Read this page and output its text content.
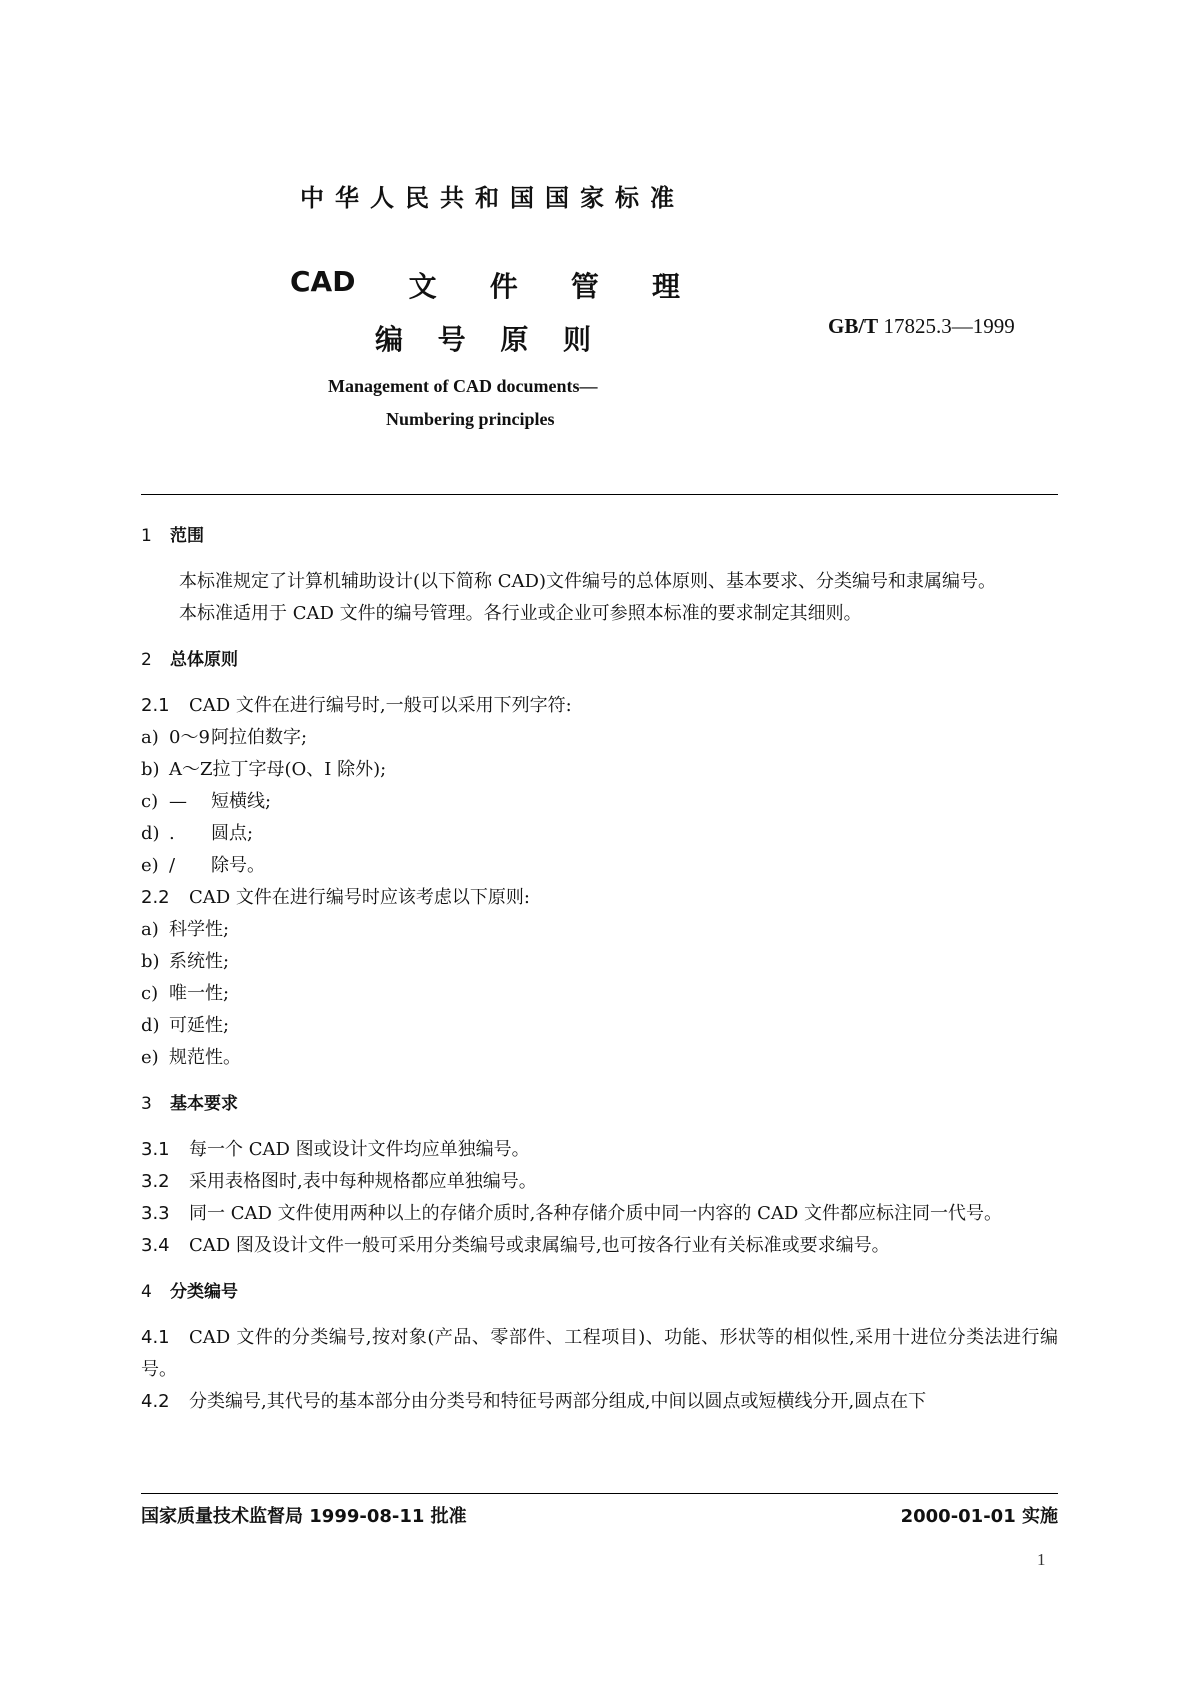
中华人民共和国国家标准
CAD 文 件 管 理
编 号 原 则	GB/T 17825.3—1999
Management of CAD documents—
Numbering principles
1 范围

本标准规定了计算机辅助设计(以下简称 CAD)文件编号的总体原则、基本要求、分类编号和隶属编号。

本标准适用于 CAD 文件的编号管理。各行业或企业可参照本标准的要求制定其细则。

2 总体原则

2.1 CAD 文件在进行编号时,一般可以采用下列字符:

a) 0～9阿拉伯数字;

b) A～Z拉丁字母(O、I 除外);

c) — 短横线;

d) . 圆点;

e) / 除号。

2.2 CAD 文件在进行编号时应该考虑以下原则:

a) 科学性;

b) 系统性;

c) 唯一性;

d) 可延性;

e) 规范性。

3 基本要求

3.1 每一个 CAD 图或设计文件均应单独编号。

3.2 采用表格图时,表中每种规格都应单独编号。

3.3 同一 CAD 文件使用两种以上的存储介质时,各种存储介质中同一内容的 CAD 文件都应标注同一代号。

3.4 CAD 图及设计文件一般可采用分类编号或隶属编号,也可按各行业有关标准或要求编号。

4 分类编号

4.1 CAD 文件的分类编号,按对象(产品、零部件、工程项目)、功能、形状等的相似性,采用十进位分类法进行编号。

4.2 分类编号,其代号的基本部分由分类号和特征号两部分组成,中间以圆点或短横线分开,圆点在下

国家质量技术监督局 1999-08-11 批准	2000-01-01 实施
1
